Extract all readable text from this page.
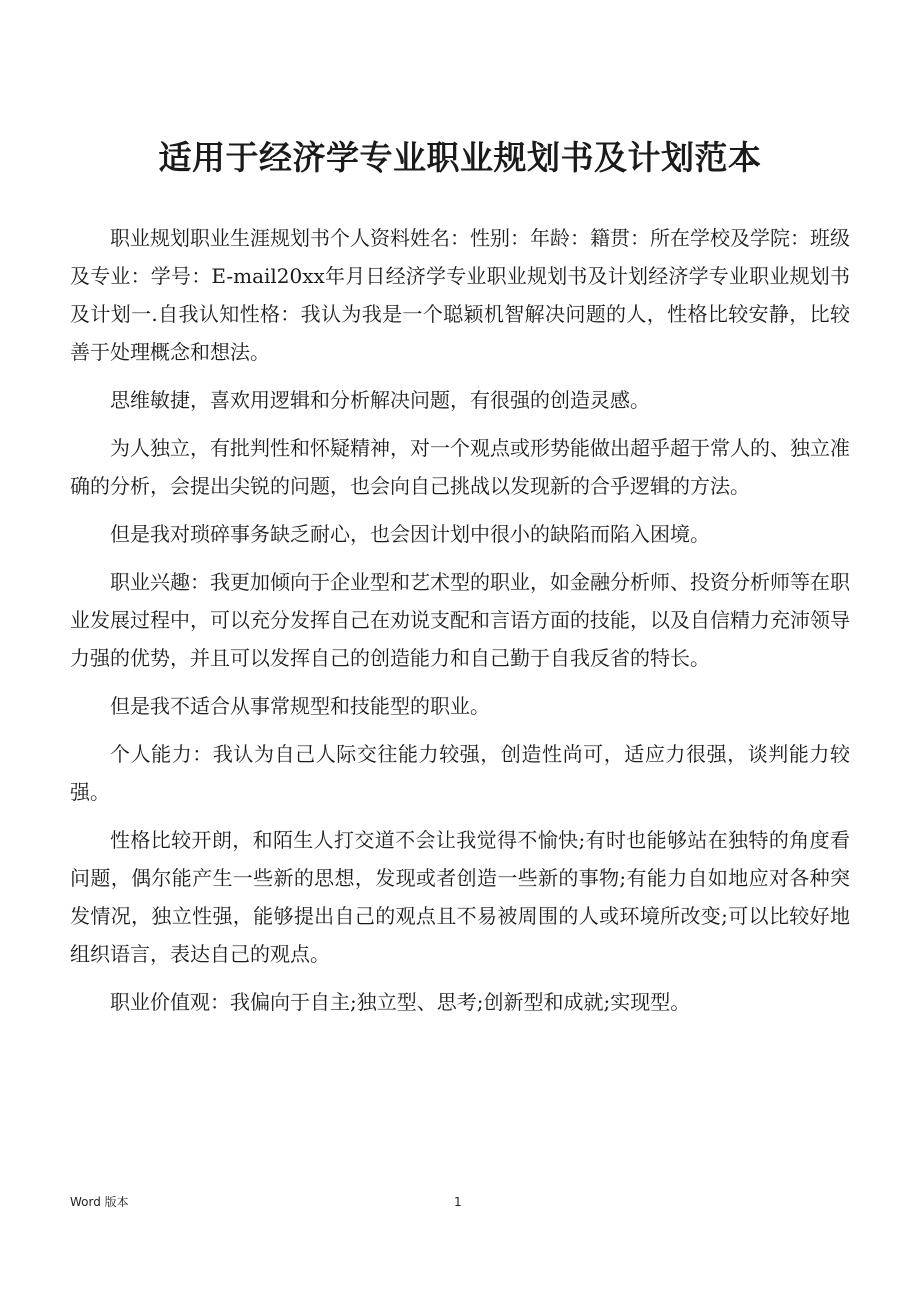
适用于经济学专业职业规划书及计划范本

职业规划职业生涯规划书个人资料姓名：性别：年龄：籍贯：所在学校及学院：班级及专业：学号：E-mail20xx年月日经济学专业职业规划书及计划经济学专业职业规划书及计划一.自我认知性格：我认为我是一个聪颖机智解决问题的人，性格比较安静，比较善于处理概念和想法。

思维敏捷，喜欢用逻辑和分析解决问题，有很强的创造灵感。

为人独立，有批判性和怀疑精神，对一个观点或形势能做出超乎超于常人的、独立准确的分析，会提出尖锐的问题，也会向自己挑战以发现新的合乎逻辑的方法。

但是我对琐碎事务缺乏耐心，也会因计划中很小的缺陷而陷入困境。

职业兴趣：我更加倾向于企业型和艺术型的职业，如金融分析师、投资分析师等在职业发展过程中，可以充分发挥自己在劝说支配和言语方面的技能，以及自信精力充沛领导力强的优势，并且可以发挥自己的创造能力和自己勤于自我反省的特长。

但是我不适合从事常规型和技能型的职业。

个人能力：我认为自己人际交往能力较强，创造性尚可，适应力很强，谈判能力较强。

性格比较开朗，和陌生人打交道不会让我觉得不愉快;有时也能够站在独特的角度看问题，偶尔能产生一些新的思想，发现或者创造一些新的事物;有能力自如地应对各种突发情况，独立性强，能够提出自己的观点且不易被周围的人或环境所改变;可以比较好地组织语言，表达自己的观点。

职业价值观：我偏向于自主;独立型、思考;创新型和成就;实现型。

Word 版本	1
